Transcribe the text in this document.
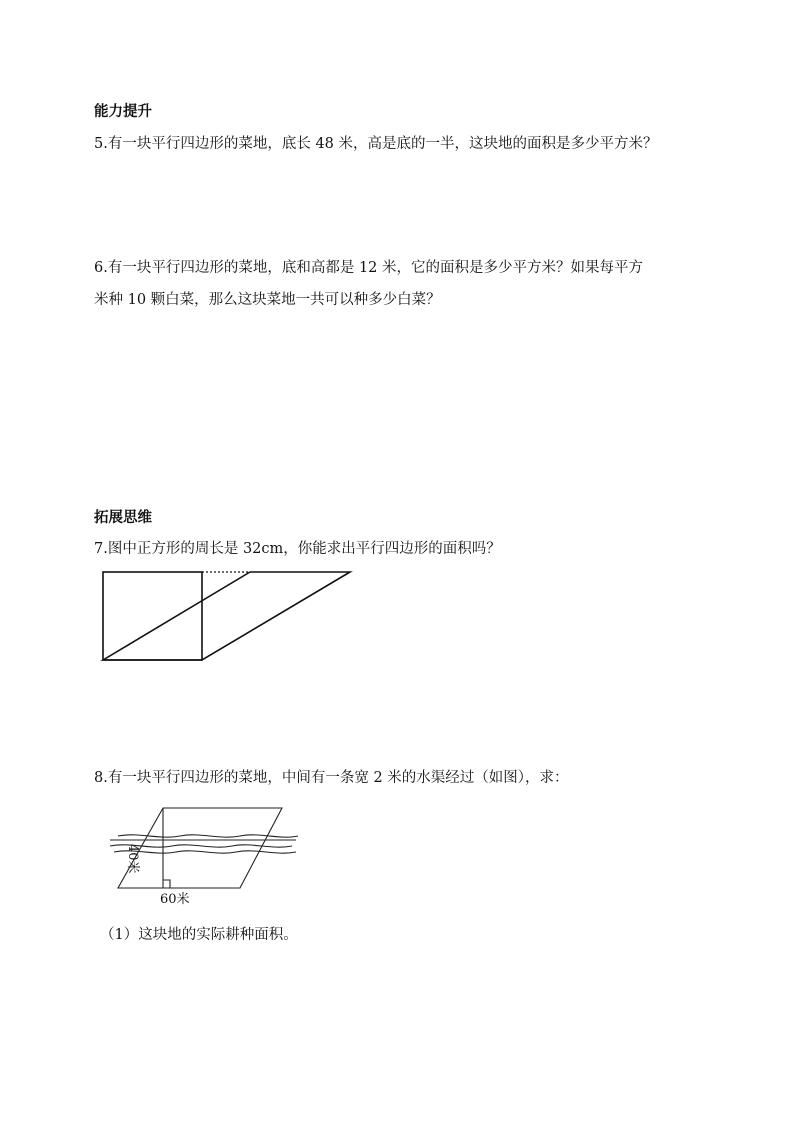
能力提升
5.有一块平行四边形的菜地，底长 48 米，高是底的一半，这块地的面积是多少平方米？
6.有一块平行四边形的菜地，底和高都是 12 米，它的面积是多少平方米？如果每平方
米种 10 颗白菜，那么这块菜地一共可以种多少白菜？
拓展思维
7.图中正方形的周长是 32cm，你能求出平行四边形的面积吗？
8.有一块平行四边形的菜地，中间有一条宽 2 米的水渠经过（如图），求：
40米
60米
（1）这块地的实际耕种面积。
